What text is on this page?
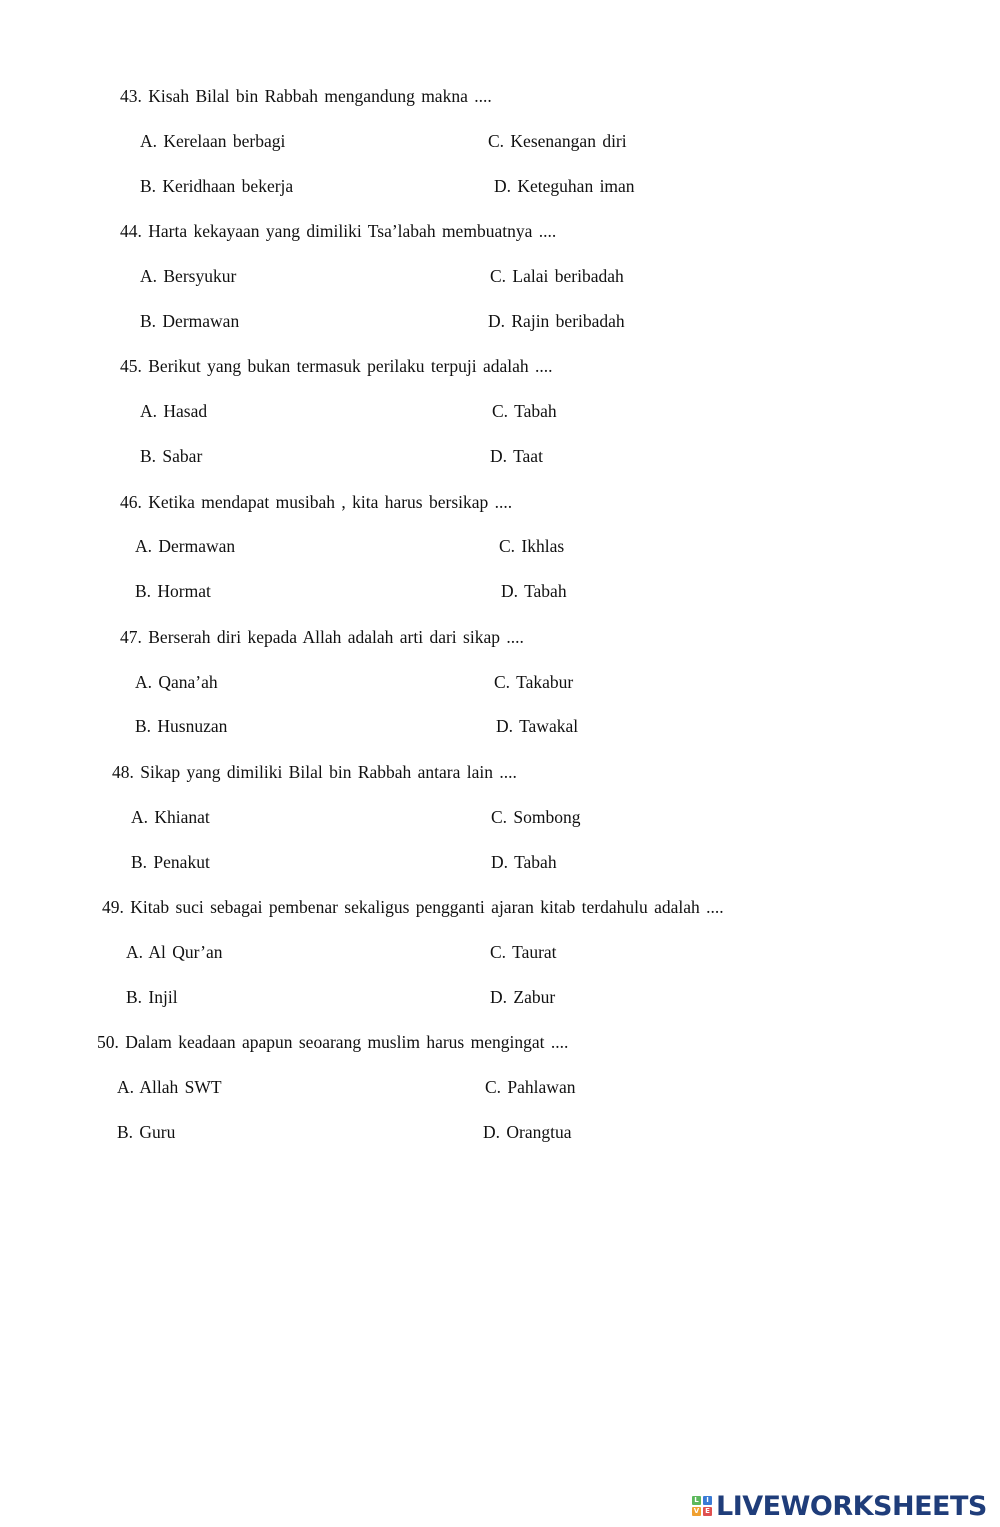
43. Kisah Bilal bin Rabbah mengandung makna ....
A. Kerelaan berbagi	C. Kesenangan diri
B. Keridhaan bekerja	D. Keteguhan iman
44. Harta kekayaan yang dimiliki Tsa’labah membuatnya ....
A. Bersyukur	C. Lalai beribadah
B. Dermawan	D. Rajin beribadah
45. Berikut yang bukan termasuk perilaku terpuji adalah ....
A. Hasad	C. Tabah
B. Sabar	D. Taat
46. Ketika mendapat musibah , kita harus bersikap ....
A. Dermawan	C. Ikhlas
B. Hormat	D. Tabah
47. Berserah diri kepada Allah adalah arti dari sikap ....
A. Qana’ah	C. Takabur
B. Husnuzan	D. Tawakal
48. Sikap yang dimiliki Bilal bin Rabbah antara lain ....
A. Khianat	C. Sombong
B. Penakut	D. Tabah
49. Kitab suci sebagai pembenar sekaligus pengganti ajaran kitab terdahulu adalah ....
A. Al Qur’an	C. Taurat
B. Injil	D. Zabur
50. Dalam keadaan apapun seoarang muslim harus mengingat ....
A. Allah SWT	C. Pahlawan
B. Guru	D. Orangtua
L	I
V E LIVEWORKSHEETS
